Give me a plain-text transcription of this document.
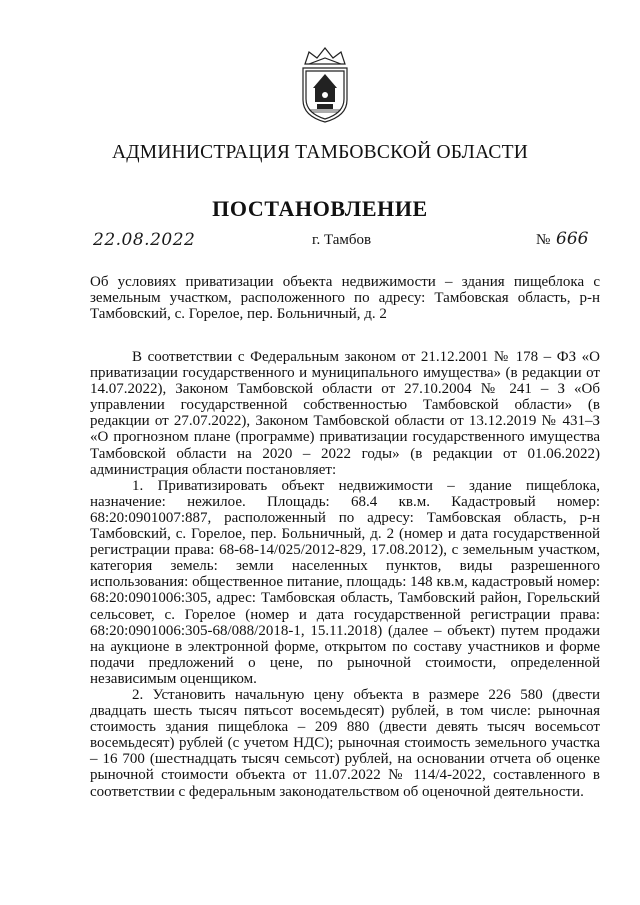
АДМИНИСТРАЦИЯ ТАМБОВСКОЙ ОБЛАСТИ
ПОСТАНОВЛЕНИЕ
22.08.2022	г. Тамбов	№ 666
Об условиях приватизации объекта недвижимости – здания пищеблока с земельным участком, расположенного по адресу: Тамбовская область, р-н Тамбовский, с. Горелое, пер. Больничный, д. 2

В соответствии с Федеральным законом от 21.12.2001 № 178 – ФЗ «О приватизации государственного и муниципального имущества» (в редакции от 14.07.2022), Законом Тамбовской области от 27.10.2004 № 241 – З «Об управлении государственной собственностью Тамбовской области» (в редакции от 27.07.2022), Законом Тамбовской области от 13.12.2019 № 431–З «О прогнозном плане (программе) приватизации государственного имущества Тамбовской области на 2020 – 2022 годы» (в редакции от 01.06.2022) администрация области постановляет:

1. Приватизировать объект недвижимости – здание пищеблока, назначение: нежилое. Площадь: 68.4 кв.м. Кадастровый номер: 68:20:0901007:887, расположенный по адресу: Тамбовская область, р-н Тамбовский, с. Горелое, пер. Больничный, д. 2 (номер и дата государственной регистрации права: 68-68-14/025/2012-829, 17.08.2012), с земельным участком, категория земель: земли населенных пунктов, виды разрешенного использования: общественное питание, площадь: 148 кв.м, кадастровый номер: 68:20:0901006:305, адрес: Тамбовская область, Тамбовский район, Горельский сельсовет, с. Горелое (номер и дата государственной регистрации права: 68:20:0901006:305-68/088/2018-1, 15.11.2018) (далее – объект) путем продажи на аукционе в электронной форме, открытом по составу участников и форме подачи предложений о цене, по рыночной стоимости, определенной независимым оценщиком.

2. Установить начальную цену объекта в размере 226 580 (двести двадцать шесть тысяч пятьсот восемьдесят) рублей, в том числе: рыночная стоимость здания пищеблока – 209 880 (двести девять тысяч восемьсот восемьдесят) рублей (с учетом НДС); рыночная стоимость земельного участка – 16 700 (шестнадцать тысяч семьсот) рублей, на основании отчета об оценке рыночной стоимости объекта от 11.07.2022 № 114/4-2022, составленного в соответствии с федеральным законодательством об оценочной деятельности.
